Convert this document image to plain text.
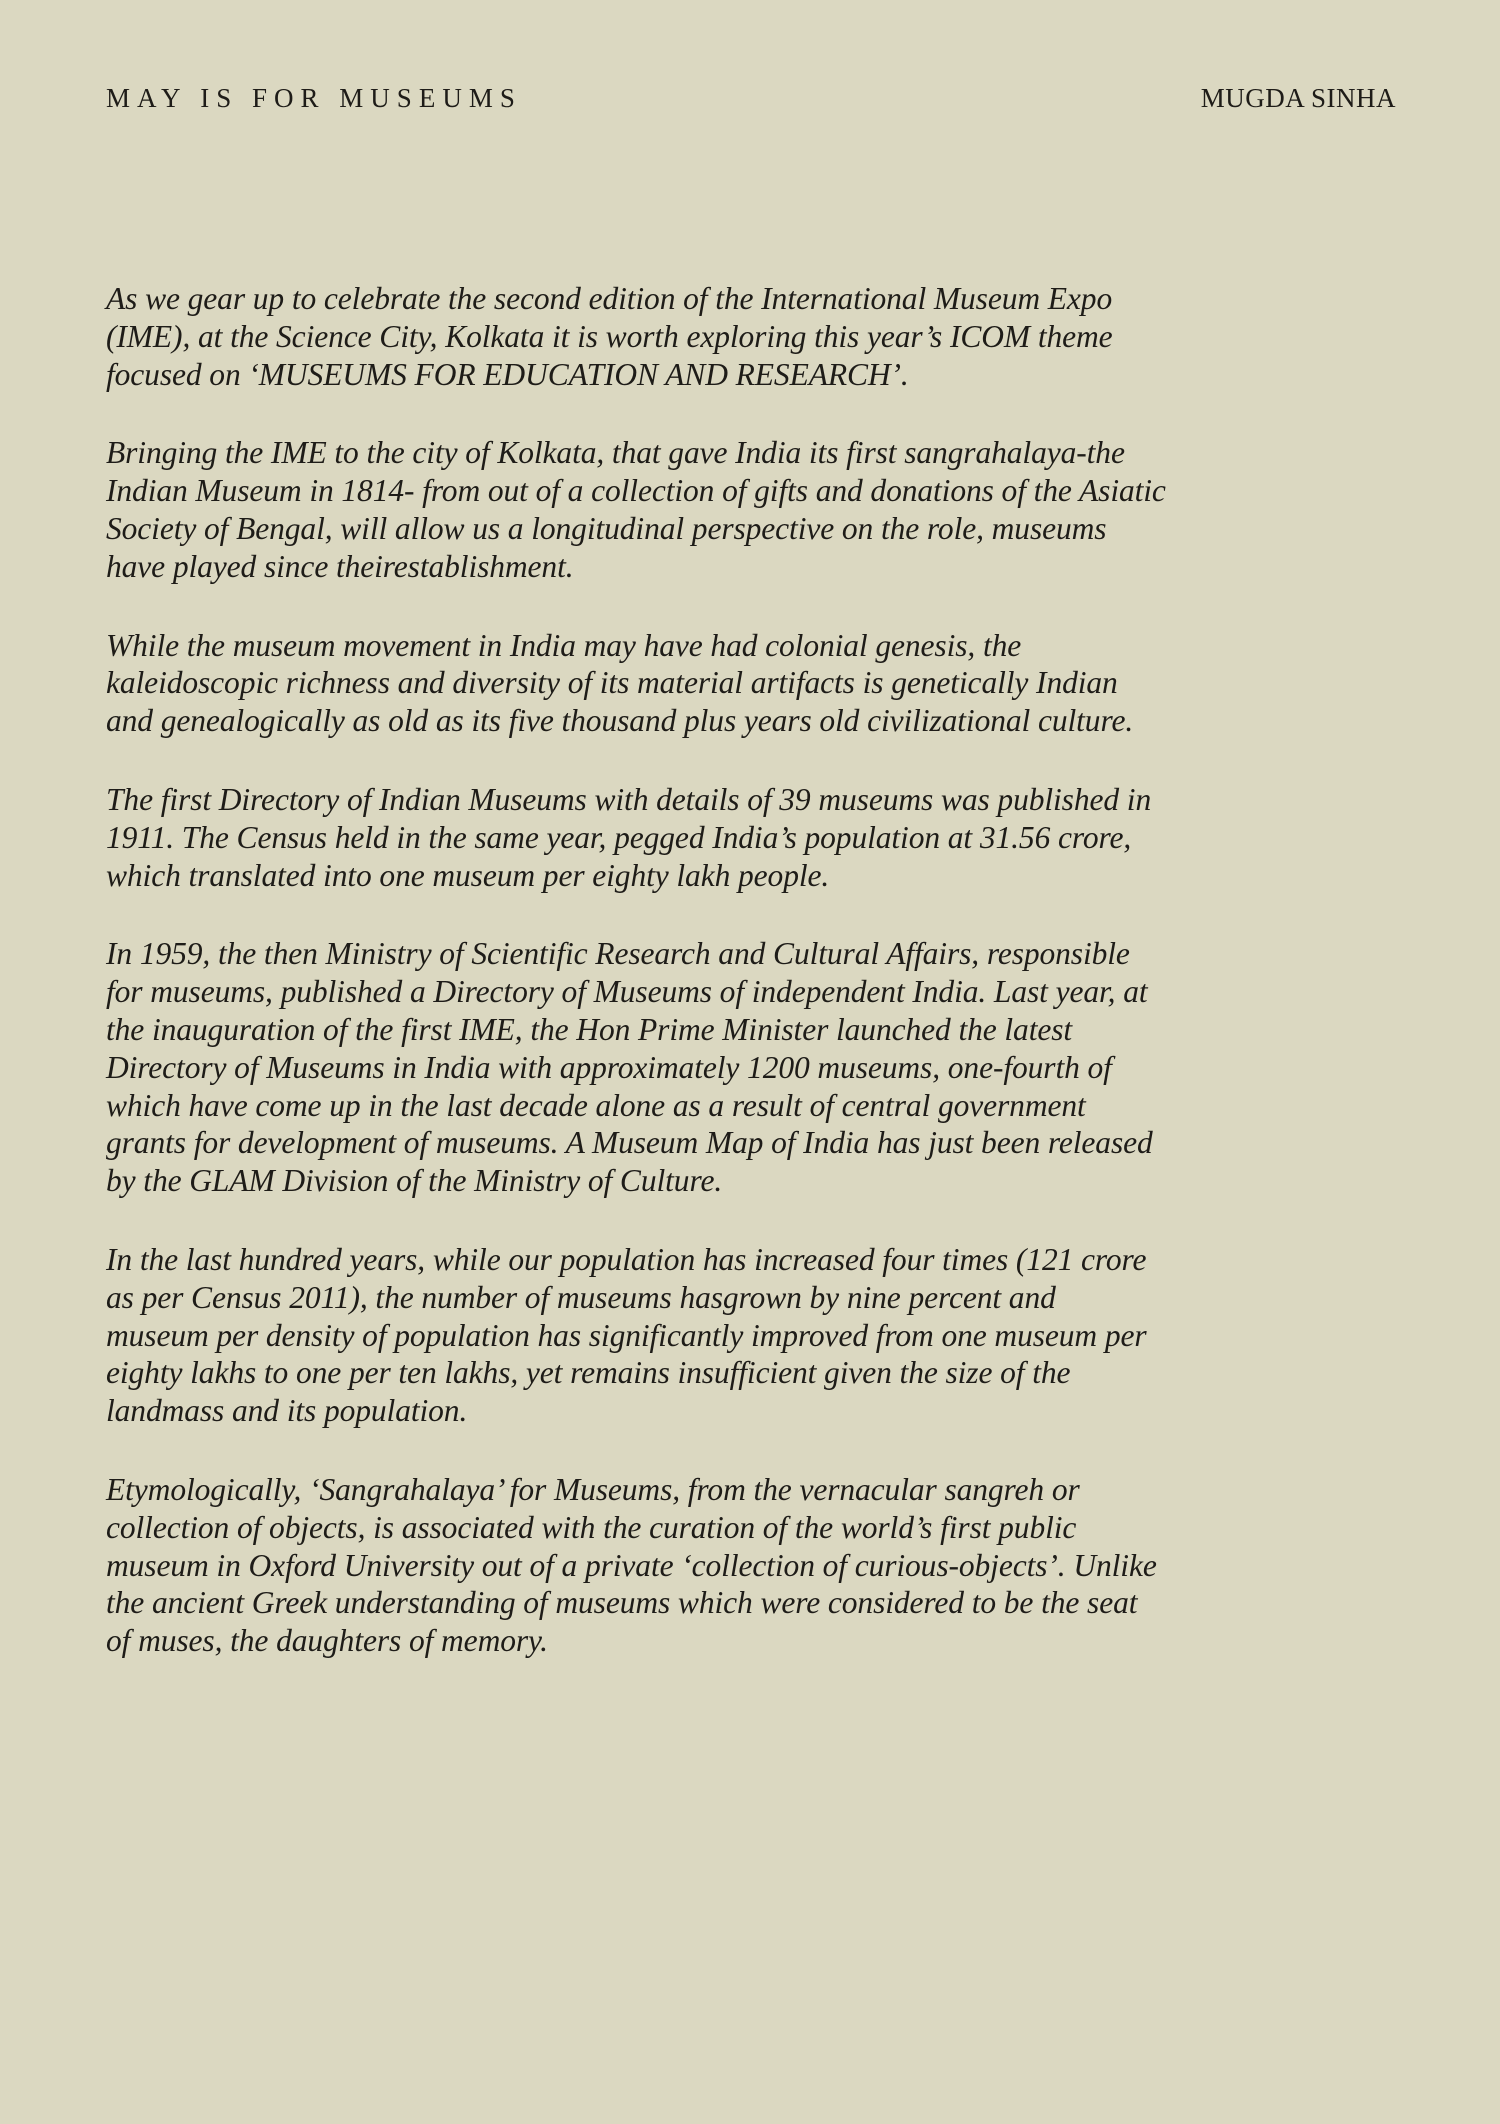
MAY IS FOR MUSEUMS	MUGDA SINHA

As we gear up to celebrate the second edition of the International Museum Expo (IME), at the Science City, Kolkata it is worth exploring this year’s ICOM theme focused on ‘MUSEUMS FOR EDUCATION AND RESEARCH’.

Bringing the IME to the city of Kolkata, that gave India its first sangrahalaya-the Indian Museum in 1814- from out of a collection of gifts and donations of the Asiatic Society of Bengal, will allow us a longitudinal perspective on the role, museums have played since theirestablishment.

While the museum movement in India may have had colonial genesis, the kaleidoscopic richness and diversity of its material artifacts is genetically Indian and genealogically as old as its five thousand plus years old civilizational culture.

The first Directory of Indian Museums with details of 39 museums was published in 1911. The Census held in the same year, pegged India’s population at 31.56 crore, which translated into one museum per eighty lakh people.

In 1959, the then Ministry of Scientific Research and Cultural Affairs, responsible for museums, published a Directory of Museums of independent India. Last year, at the inauguration of the first IME, the Hon Prime Minister launched the latest Directory of Museums in India with approximately 1200 museums, one-fourth of which have come up in the last decade alone as a result of central government grants for development of museums. A Museum Map of India has just been released by the GLAM Division of the Ministry of Culture.

In the last hundred years, while our population has increased four times (121 crore as per Census 2011), the number of museums hasgrown by nine percent and museum per density of population has significantly improved from one museum per eighty lakhs to one per ten lakhs, yet remains insufficient given the size of the landmass and its population.

Etymologically, ‘Sangrahalaya’ for Museums, from the vernacular sangreh or collection of objects, is associated with the curation of the world’s first public museum in Oxford University out of a private ‘collection of curious-objects’. Unlike the ancient Greek understanding of museums which were considered to be the seat of muses, the daughters of memory.
